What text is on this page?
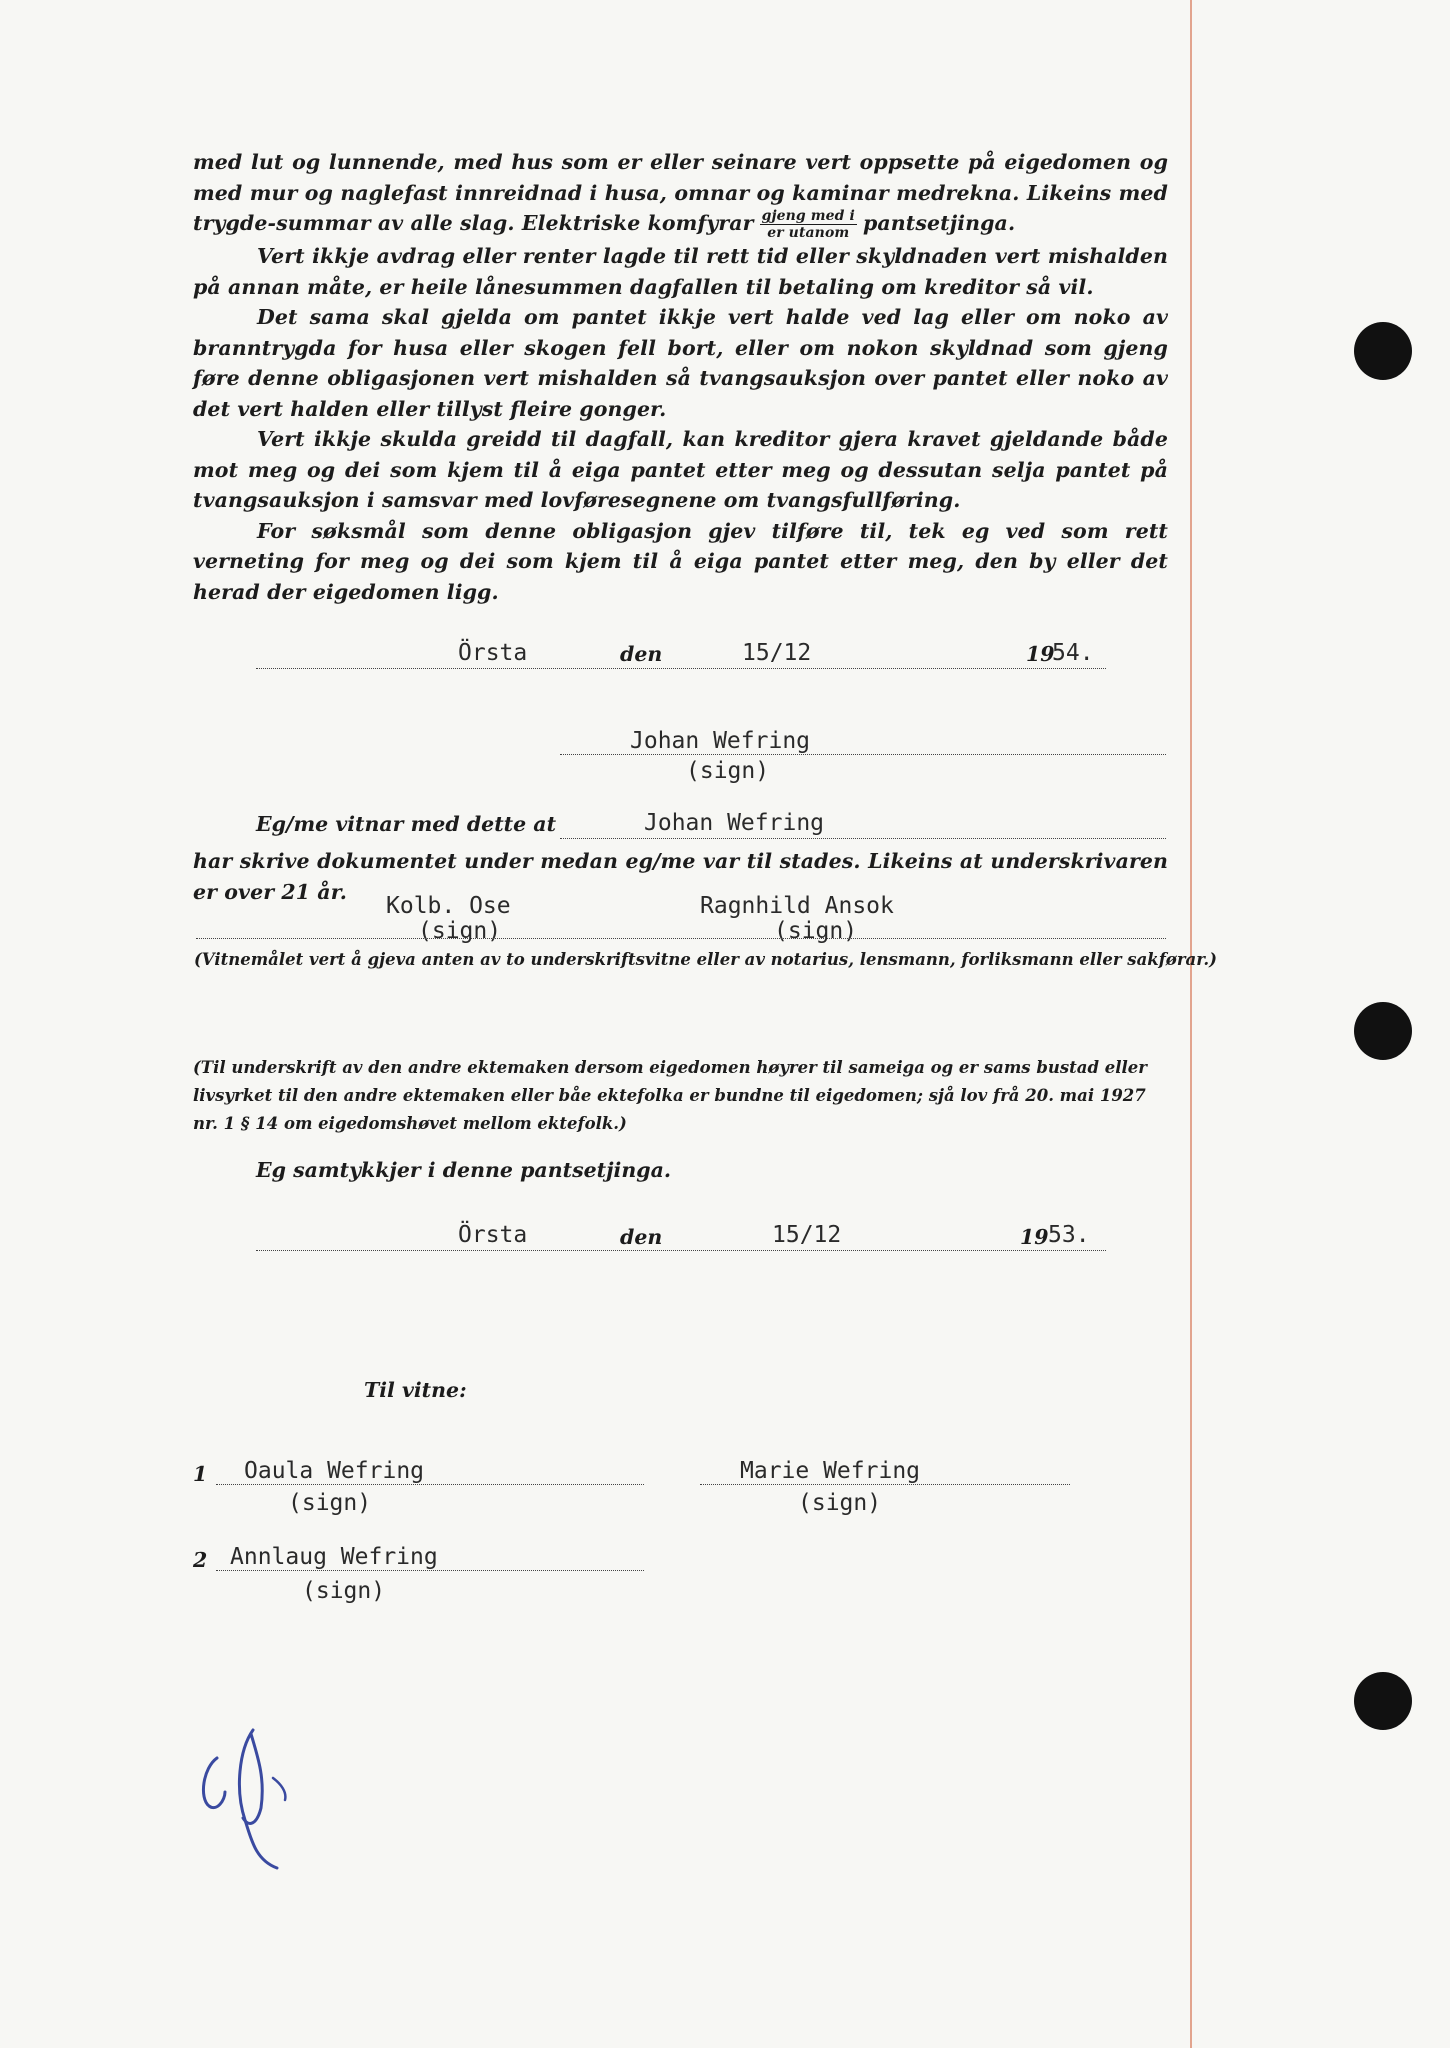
med lut og lunnende, med hus som er eller seinare vert oppsette på eigedomen og med mur og naglefast innreidnad i husa, omnar og kaminar medrekna. Likeins med trygde-summar av alle slag. Elektriske komfyrar $\frac{\text{gjeng med i}}{\text{er utanom}}$ pantsetjinga.

Vert ikkje avdrag eller renter lagde til rett tid eller skyldnaden vert mishalden på annan måte, er heile lånesummen dagfallen til betaling om kreditor så vil.

Det sama skal gjelda om pantet ikkje vert halde ved lag eller om noko av branntrygda for husa eller skogen fell bort, eller om nokon skyldnad som gjeng føre denne obligasjonen vert mishalden så tvangsauksjon over pantet eller noko av det vert halden eller tillyst fleire gonger.

Vert ikkje skulda greidd til dagfall, kan kreditor gjera kravet gjeldande både mot meg og dei som kjem til å eiga pantet etter meg og dessutan selja pantet på tvangsauksjon i samsvar med lovføresegnene om tvangsfullføring.

For søksmål som denne obligasjon gjev tilføre til, tek eg ved som rett verneting for meg og dei som kjem til å eiga pantet etter meg, den by eller det herad der eigedomen ligg.

Örsta	den	15/12	19
54.
Johan Wefring
(sign)
Eg/me vitnar med dette at	Johan Wefring
har skrive dokumentet under medan eg/me var til stades. Likeins at underskrivaren er over 21 år.
Kolb. Ose
(sign)
Ragnhild Ansok
(sign)
(Vitnemålet vert å gjeva anten av to underskriftsvitne eller av notarius, lensmann, forliksmann eller sakførar.)
(Til underskrift av den andre ektemaken dersom eigedomen høyrer til sameiga og er sams bustad eller livsyrket til den andre ektemaken eller båe ektefolka er bundne til eigedomen; sjå lov frå 20. mai 1927 nr. 1 § 14 om eigedomshøvet mellom ektefolk.)
Eg samtykkjer i denne pantsetjinga.
Örsta	den	15/12	19 53.
Til vitne:
1 Oaula Wefring
(sign)
Marie Wefring
(sign)
2 Annlaug Wefring
(sign)
